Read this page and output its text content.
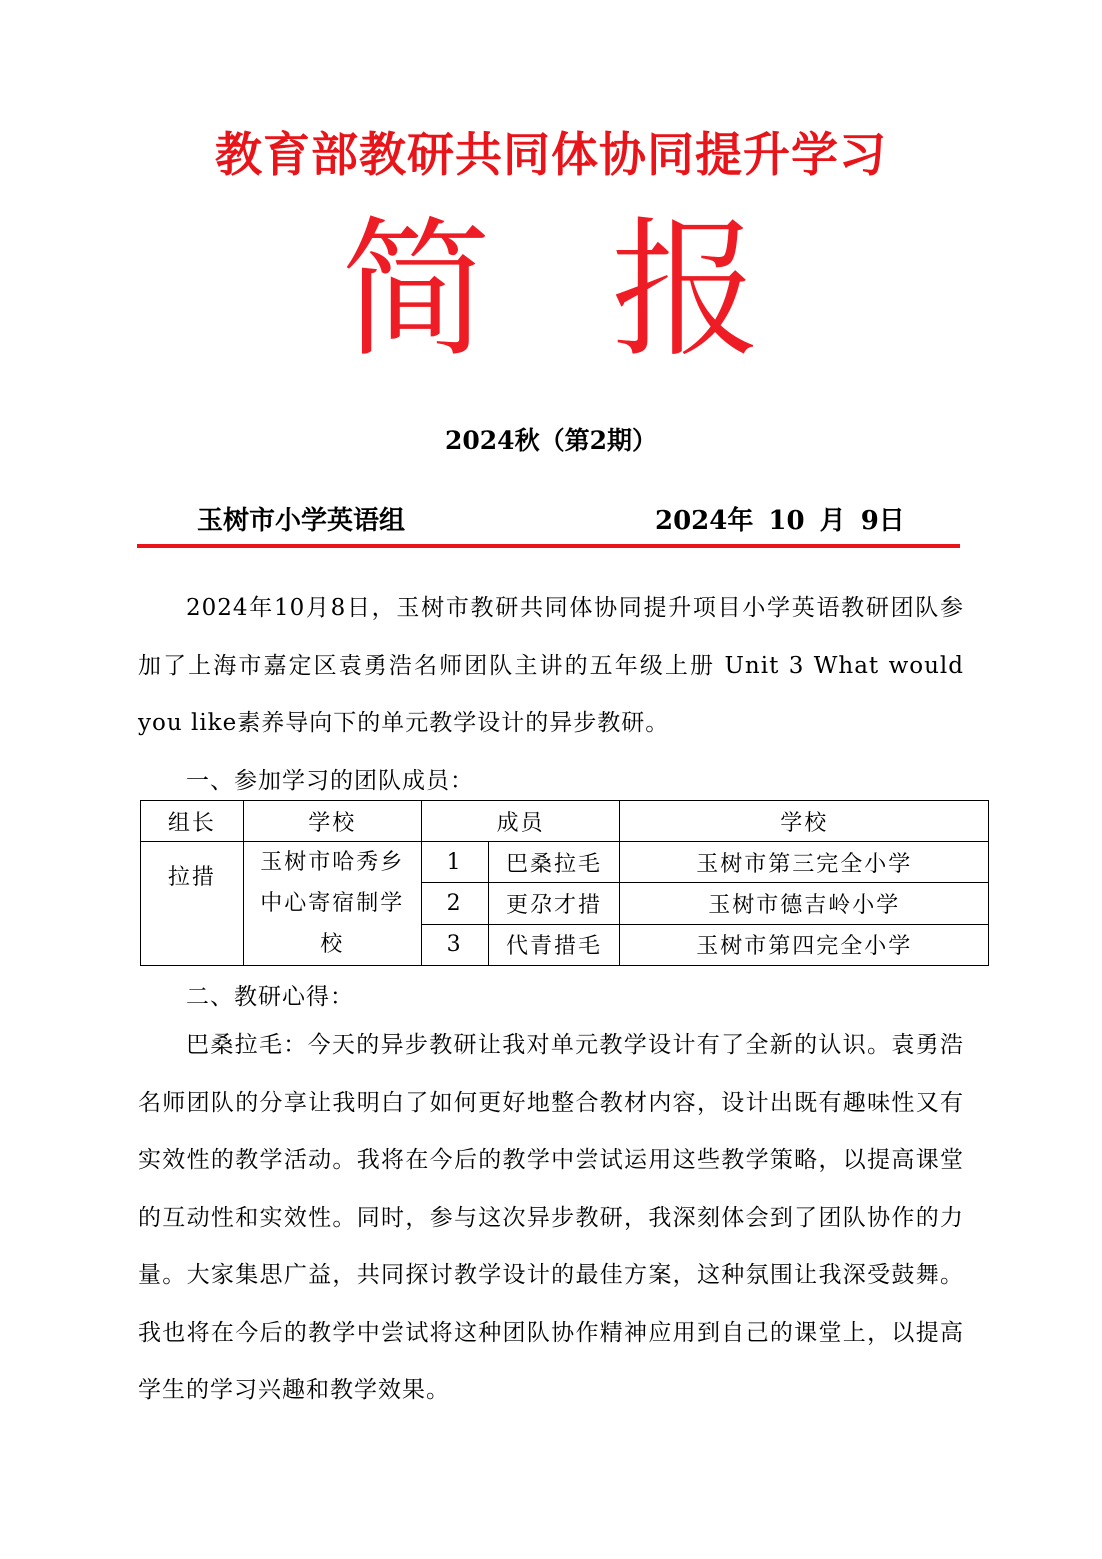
教育部教研共同体协同提升学习
简报
2024秋（第2期）
玉树市小学英语组	2024年 10 月 9日
2024年10月8日，玉树市教研共同体协同提升项目小学英语教研团队参加了上海市嘉定区袁勇浩名师团队主讲的五年级上册 Unit 3 What would you like素养导向下的单元教学设计的异步教研。
一、参加学习的团队成员：
组长	学校	成员		学校
拉措	玉树市哈秀乡中心寄宿制学校	1	巴桑拉毛	玉树市第三完全小学
		2	更尕才措	玉树市德吉岭小学
		3	代青措毛	玉树市第四完全小学
二、教研心得：
巴桑拉毛：今天的异步教研让我对单元教学设计有了全新的认识。袁勇浩名师团队的分享让我明白了如何更好地整合教材内容，设计出既有趣味性又有实效性的教学活动。我将在今后的教学中尝试运用这些教学策略，以提高课堂的互动性和实效性。同时，参与这次异步教研，我深刻体会到了团队协作的力量。大家集思广益，共同探讨教学设计的最佳方案，这种氛围让我深受鼓舞。我也将在今后的教学中尝试将这种团队协作精神应用到自己的课堂上，以提高学生的学习兴趣和教学效果。
